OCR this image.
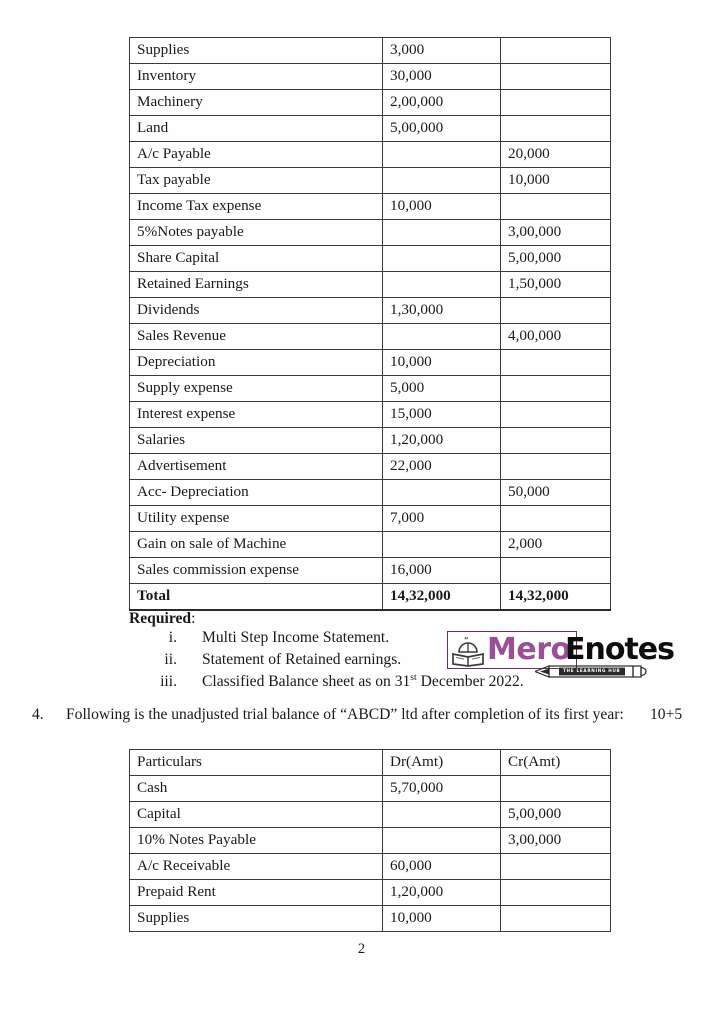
Supplies	3,000	
Inventory	30,000	
Machinery	2,00,000	
Land	5,00,000	
A/c Payable		20,000
Tax payable		10,000
Income Tax expense	10,000	
5%Notes payable		3,00,000
Share Capital		5,00,000
Retained Earnings		1,50,000
Dividends	1,30,000	
Sales Revenue		4,00,000
Depreciation	10,000	
Supply expense	5,000	
Interest expense	15,000	
Salaries	1,20,000	
Advertisement	22,000	
Acc- Depreciation		50,000
Utility expense	7,000	
Gain on sale of Machine		2,000
Sales commission expense	16,000	
Total	14,32,000	14,32,000
Required:
i.	Multi Step Income Statement.
ii.	Statement of Retained earnings.
iii.	Classified Balance sheet as on 31st December 2022.
“ Mero
Enotes
THE LEARNING HUB
4.	Following is the unadjusted trial balance of “ABCD” ltd after completion of its first year:	10+5
Particulars	Dr(Amt)	Cr(Amt)
Cash	5,70,000	
Capital		5,00,000
10% Notes Payable		3,00,000
A/c Receivable	60,000	
Prepaid Rent	1,20,000	
Supplies	10,000	
2
